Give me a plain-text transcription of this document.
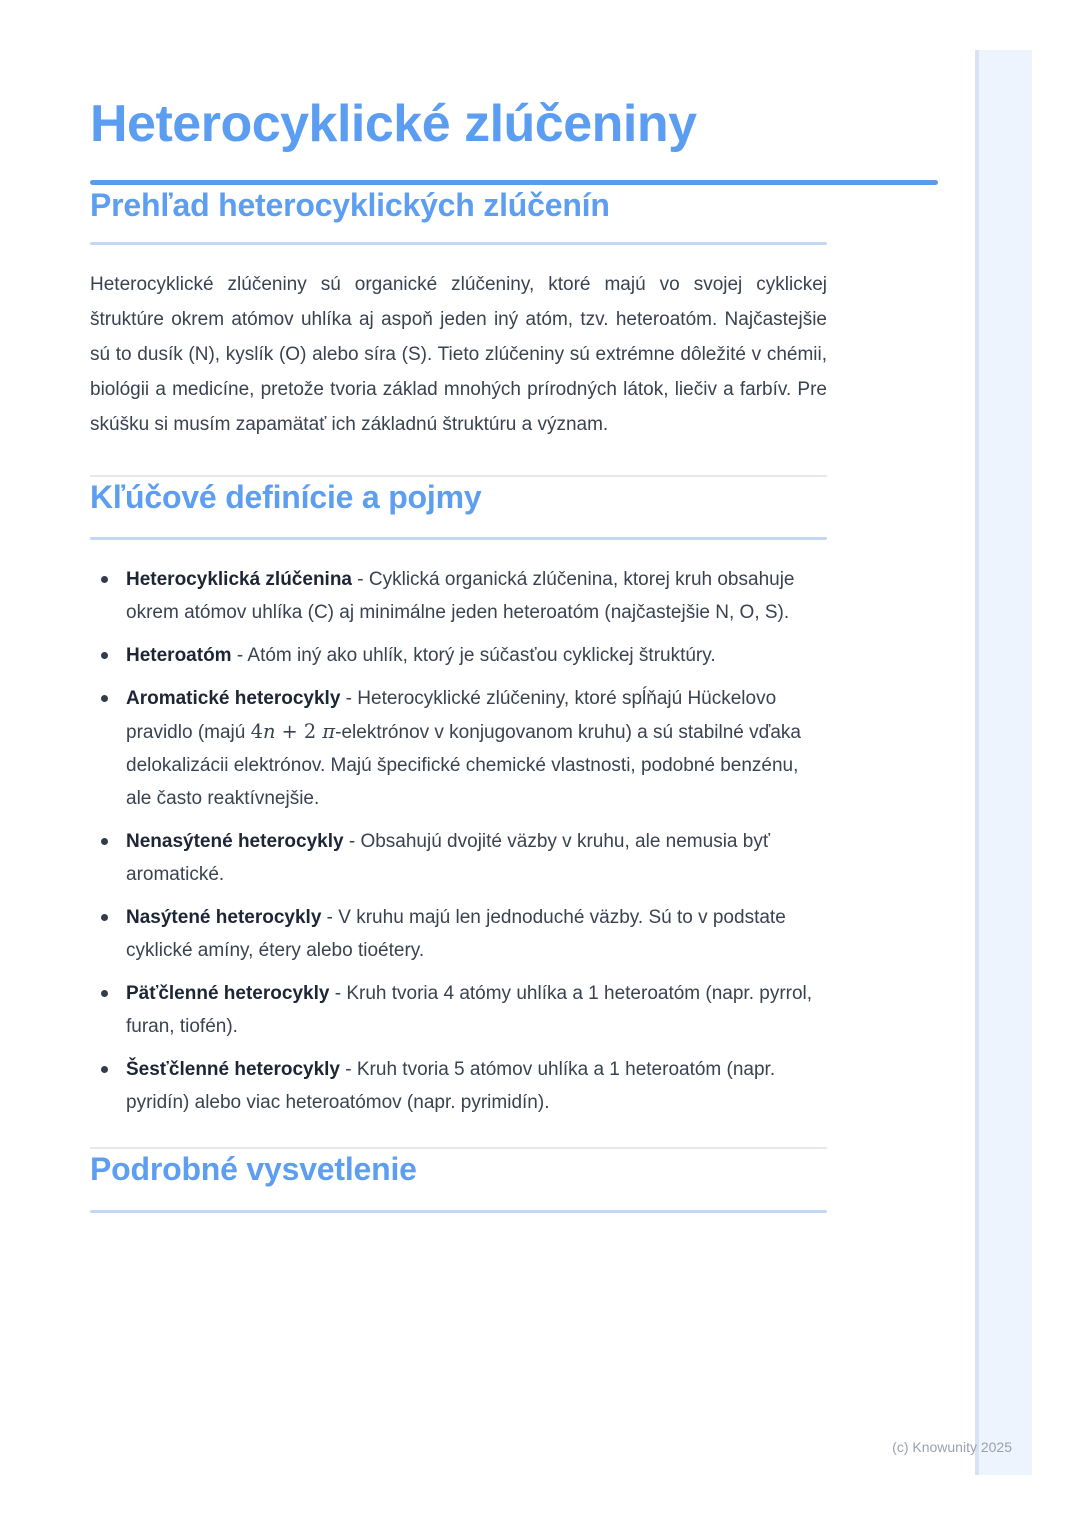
Heterocyklické zlúčeniny
Prehľad heterocyklických zlúčenín

Heterocyklické zlúčeniny sú organické zlúčeniny, ktoré majú vo svojej cyklickej štruktúre okrem atómov uhlíka aj aspoň jeden iný atóm, tzv. heteroatóm. Najčastejšie sú to dusík (N), kyslík (O) alebo síra (S). Tieto zlúčeniny sú extrémne dôležité v chémii, biológii a medicíne, pretože tvoria základ mnohých prírodných látok, liečiv a farbív. Pre skúšku si musím zapamätať ich základnú štruktúru a význam.

Kľúčové definície a pojmy
Heterocyklická zlúčenina - Cyklická organická zlúčenina, ktorej kruh obsahuje okrem atómov uhlíka (C) aj minimálne jeden heteroatóm (najčastejšie N, O, S).
Heteroatóm - Atóm iný ako uhlík, ktorý je súčasťou cyklickej štruktúry.
Aromatické heterocykly - Heterocyklické zlúčeniny, ktoré spĺňajú Hückelovo pravidlo (majú 4n + 2 π-elektrónov v konjugovanom kruhu) a sú stabilné vďaka delokalizácii elektrónov. Majú špecifické chemické vlastnosti, podobné benzénu, ale často reaktívnejšie.
Nenasýtené heterocykly - Obsahujú dvojité väzby v kruhu, ale nemusia byť aromatické.
Nasýtené heterocykly - V kruhu majú len jednoduché väzby. Sú to v podstate cyklické amíny, étery alebo tioétery.
Päťčlenné heterocykly - Kruh tvoria 4 atómy uhlíka a 1 heteroatóm (napr. pyrrol, furan, tiofén).
Šesťčlenné heterocykly - Kruh tvoria 5 atómov uhlíka a 1 heteroatóm (napr. pyridín) alebo viac heteroatómov (napr. pyrimidín).
Podrobné vysvetlenie
(c) Knowunity 2025
